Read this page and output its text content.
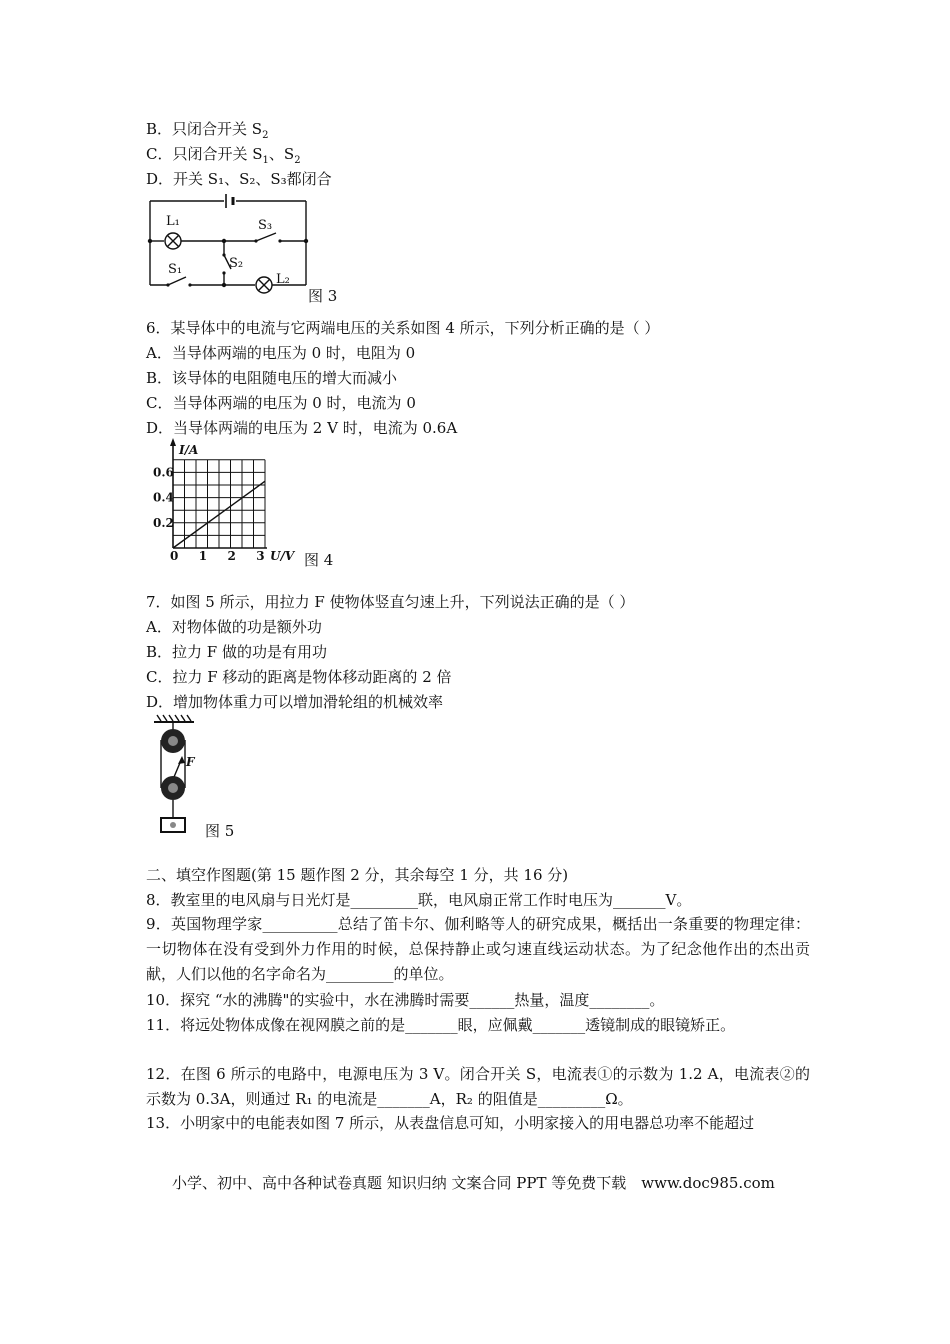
B．只闭合开关 $S_2$
C．只闭合开关 $S_1$、$S_2$
D．开关 S₁、S₂、S₃都闭合
L₁	S₃
S₁	S₂
L₂
图 3
6．某导体中的电流与它两端电压的关系如图 4 所示，下列分析正确的是（ ）
A．当导体两端的电压为 0 时，电阻为 0
B．该导体的电阻随电压的增大而减小
C．当导体两端的电压为 0 时，电流为 0
D．当导体两端的电压为 2 V 时，电流为 0.6A
0 1 2 3
0.2
0.4
0.6
I/A
U/V 图 4
7．如图 5 所示，用拉力 F 使物体竖直匀速上升，下列说法正确的是（ ）
A．对物体做的功是额外功
B．拉力 F 做的功是有用功
C．拉力 F 移动的距离是物体移动距离的 2 倍
D．增加物体重力可以增加滑轮组的机械效率
F
图 5
二、填空作图题(第 15 题作图 2 分，其余每空 1 分，共 16 分)
8．教室里的电风扇与日光灯是_________联，电风扇正常工作时电压为_______V。
9．英国物理学家__________总结了笛卡尔、伽利略等人的研究成果，概括出一条重要的物理定律：一切物体在没有受到外力作用的时候，总保持静止或匀速直线运动状态。为了纪念他作出的杰出贡献，人们以他的名字命名为_________的单位。
10．探究 “水的沸腾"的实验中，水在沸腾时需要______热量，温度________。
11．将远处物体成像在视网膜之前的是_______眼，应佩戴_______透镜制成的眼镜矫正。
12．在图 6 所示的电路中，电源电压为 3 V。闭合开关 S，电流表①的示数为 1.2 A，电流表②的示数为 0.3A，则通过 R₁ 的电流是_______A，R₂ 的阻值是_________Ω。
13．小明家中的电能表如图 7 所示，从表盘信息可知，小明家接入的用电器总功率不能超过
小学、初中、高中各种试卷真题 知识归纳 文案合同 PPT 等免费下载　www.doc985.com
